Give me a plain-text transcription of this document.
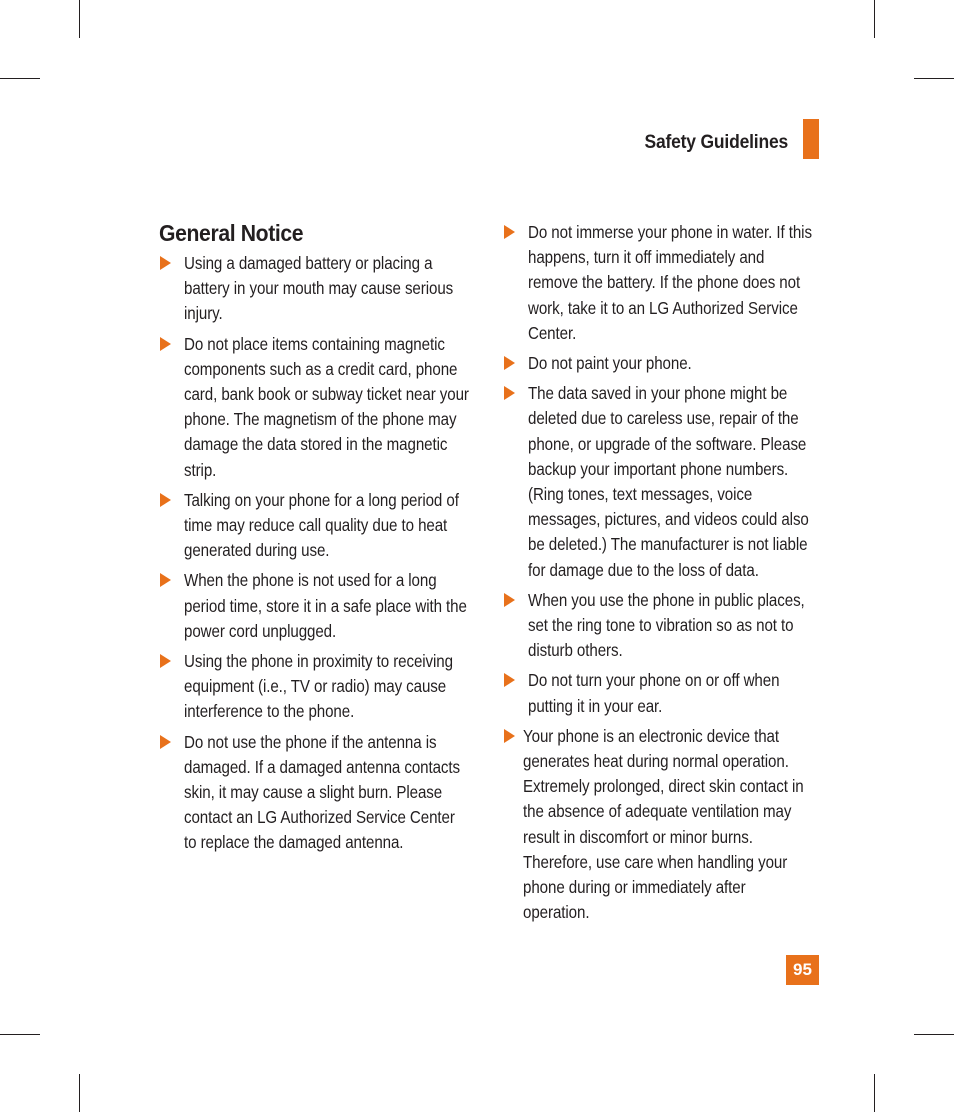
Safety Guidelines
General Notice
Using a damaged battery or placing a battery in your mouth may cause serious injury.
Do not place items containing magnetic components such as a credit card, phone card, bank book or subway ticket near your phone. The magnetism of the phone may damage the data stored in the magnetic strip.
Talking on your phone for a long period of time may reduce call quality due to heat generated during use.
When the phone is not used for a long period time, store it in a safe place with the power cord unplugged.
Using the phone in proximity to receiving equipment (i.e., TV or radio) may cause interference to the phone.
Do not use the phone if the antenna is damaged. If a damaged antenna contacts skin, it may cause a slight burn. Please contact an LG Authorized Service Center to replace the damaged antenna.
Do not immerse your phone in water. If this happens, turn it off immediately and remove the battery. If the phone does not work, take it to an LG Authorized Service Center.
Do not paint your phone.
The data saved in your phone might be deleted due to careless use, repair of the phone, or upgrade of the software. Please backup your important phone numbers. (Ring tones, text messages, voice messages, pictures, and videos could also be deleted.) The manufacturer is not liable for damage due to the loss of data.
When you use the phone in public places, set the ring tone to vibration so as not to disturb others.
Do not turn your phone on or off when putting it in your ear.
Your phone is an electronic device that generates heat during normal operation. Extremely prolonged, direct skin contact in the absence of adequate ventilation may result in discomfort or minor burns. Therefore, use care when handling your phone during or immediately after operation.
95
